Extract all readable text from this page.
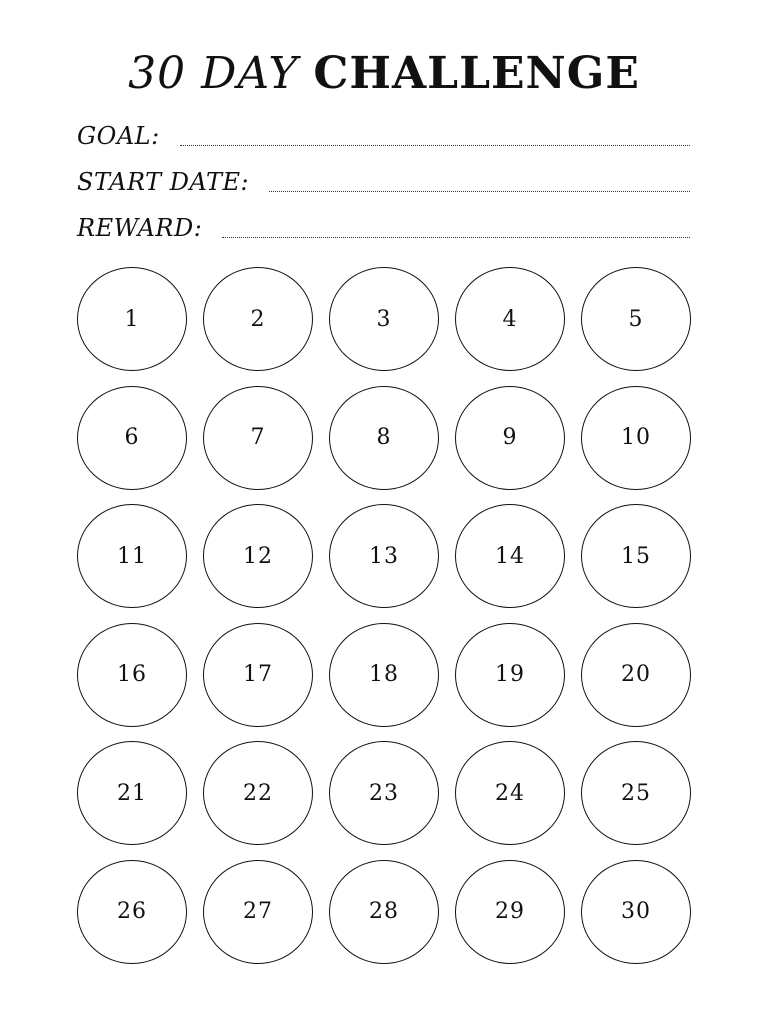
30 DAY CHALLENGE
GOAL:
START DATE:
REWARD:
1	2	3	4	5
6	7	8	9	10
11	12	13	14	15
16	17	18	19	20
21	22	23	24	25
26	27	28	29	30
